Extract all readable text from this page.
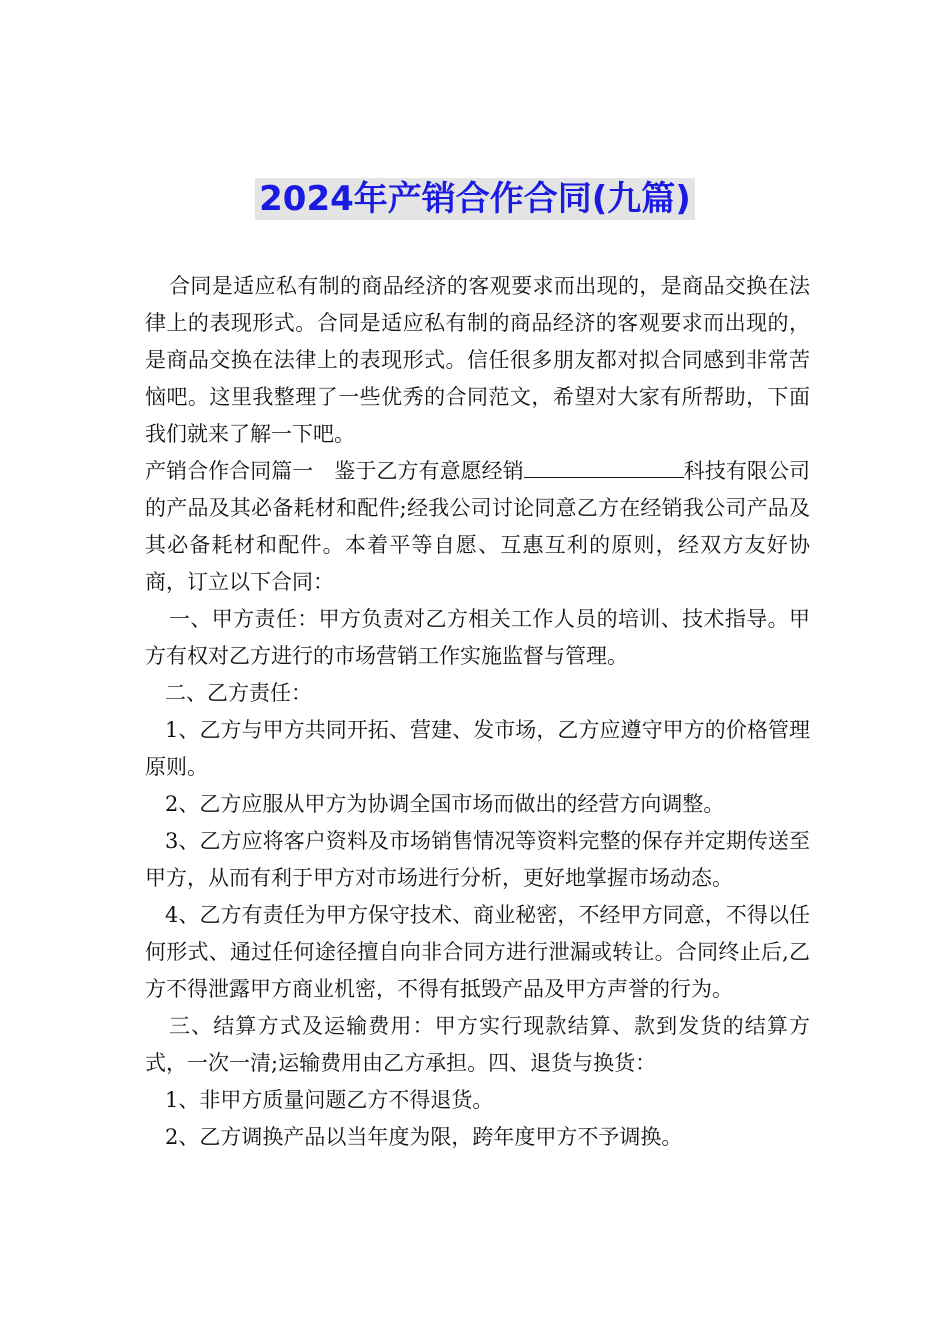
2024年产销合作合同(九篇)

合同是适应私有制的商品经济的客观要求而出现的，是商品交换在法律上的表现形式。合同是适应私有制的商品经济的客观要求而出现的，是商品交换在法律上的表现形式。信任很多朋友都对拟合同感到非常苦恼吧。这里我整理了一些优秀的合同范文，希望对大家有所帮助，下面我们就来了解一下吧。

产销合作合同篇一　鉴于乙方有意愿经销	科技有限公司的产品及其必备耗材和配件;经我公司讨论同意乙方在经销我公司产品及其必备耗材和配件。本着平等自愿、互惠互利的原则，经双方友好协商，订立以下合同：

一、甲方责任：甲方负责对乙方相关工作人员的培训、技术指导。甲方有权对乙方进行的市场营销工作实施监督与管理。

二、乙方责任：

1、乙方与甲方共同开拓、营建、发市场，乙方应遵守甲方的价格管理原则。

2、乙方应服从甲方为协调全国市场而做出的经营方向调整。

3、乙方应将客户资料及市场销售情况等资料完整的保存并定期传送至甲方，从而有利于甲方对市场进行分析，更好地掌握市场动态。

4、乙方有责任为甲方保守技术、商业秘密，不经甲方同意，不得以任何形式、通过任何途径擅自向非合同方进行泄漏或转让。合同终止后,乙方不得泄露甲方商业机密，不得有抵毁产品及甲方声誉的行为。

三、结算方式及运输费用：甲方实行现款结算、款到发货的结算方式，一次一清;运输费用由乙方承担。四、退货与换货：

1、非甲方质量问题乙方不得退货。

2、乙方调换产品以当年度为限，跨年度甲方不予调换。
